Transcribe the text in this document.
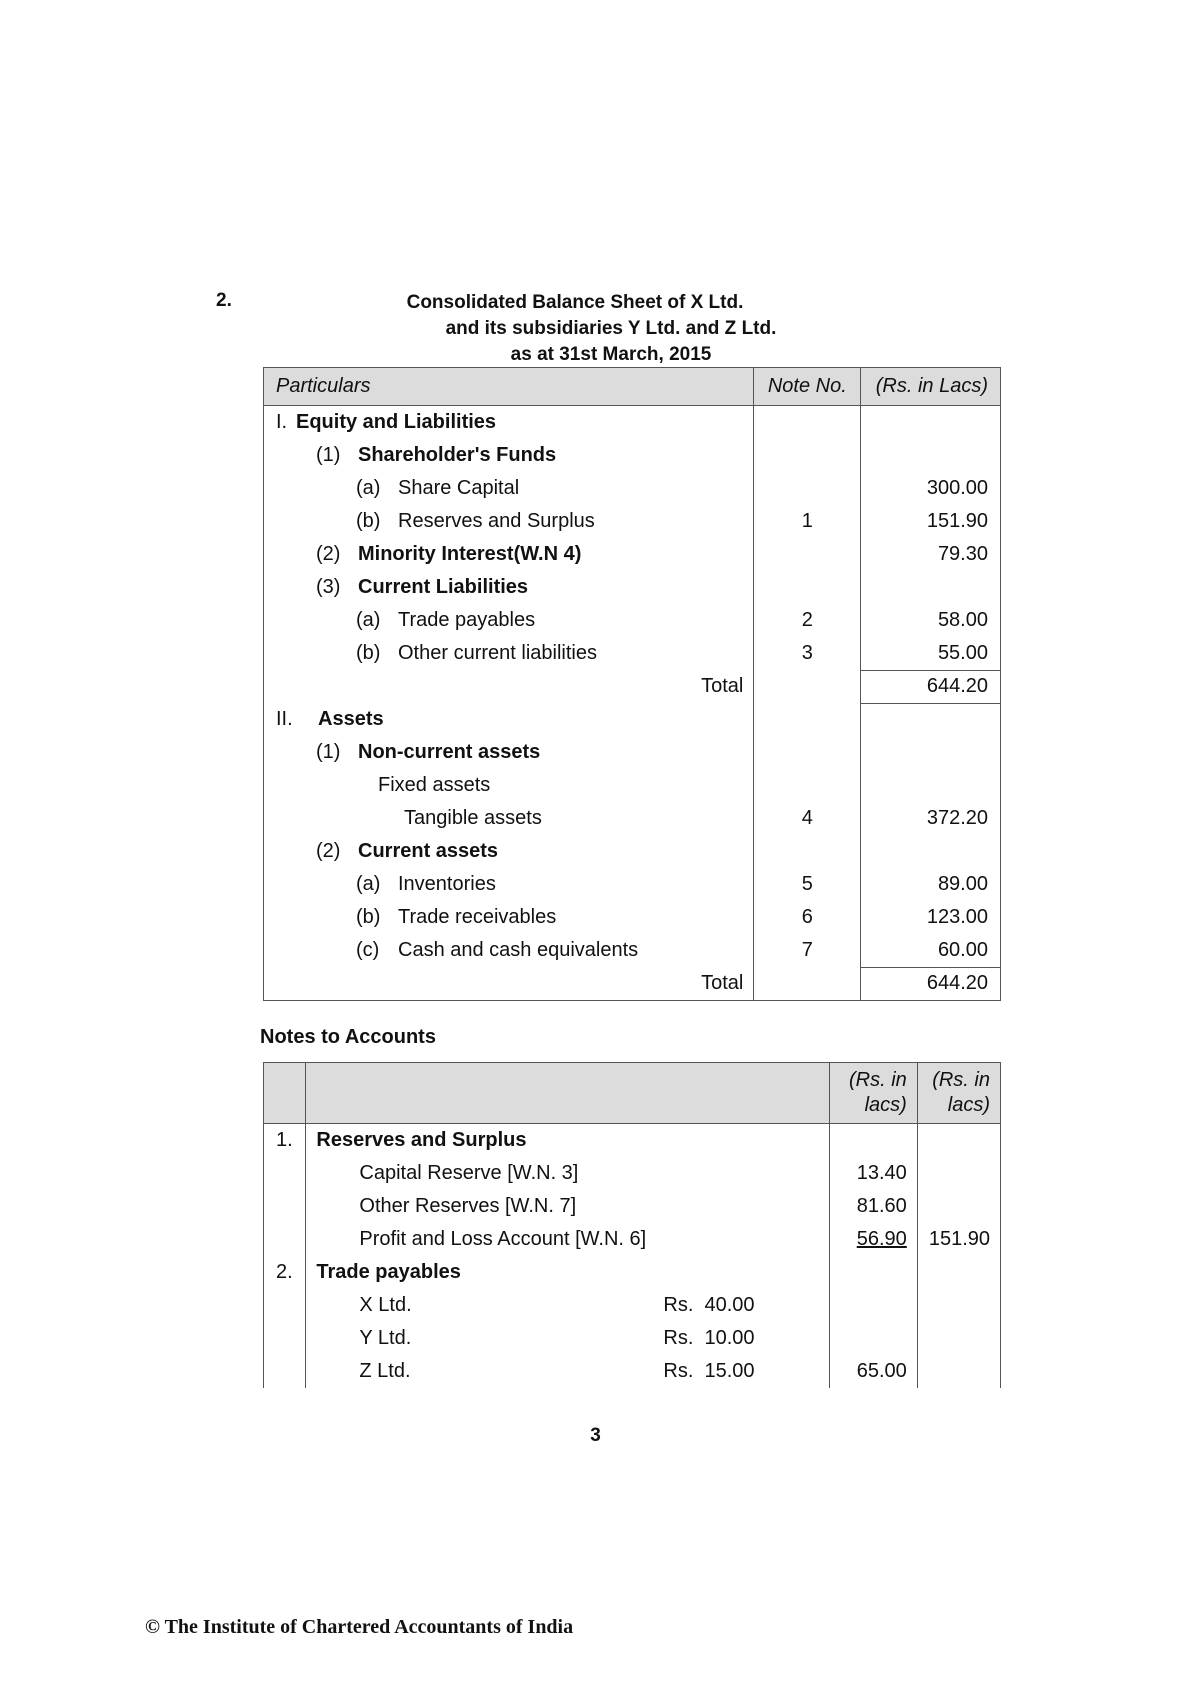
2.	Consolidated Balance Sheet of X Ltd.
and its subsidiaries Y Ltd. and Z Ltd.
as at 31st March, 2015
Particulars	Note No.	(Rs. in Lacs)

I. Equity and Liabilities		

(1) Shareholder's Funds		

(a) Share Capital		300.00

(b) Reserves and Surplus	1	151.90

(2) Minority Interest(W.N 4)		79.30

(3) Current Liabilities		

(a) Trade payables	2	58.00

(b) Other current liabilities	3	55.00
Total		644.20

II. Assets		

(1) Non-current assets		

Fixed assets		

Tangible assets	4	372.20

(2) Current assets		

(a) Inventories	5	89.00

(b) Trade receivables	6	123.00

(c) Cash and cash equivalents	7	60.00
Total		644.20
Notes to Accounts
		(Rs. in lacs)	(Rs. in lacs)
1.	Reserves and Surplus		
	Capital Reserve [W.N. 3]	13.40	
	Other Reserves [W.N. 7]	81.60	
	Profit and Loss Account [W.N. 6]	56.90	151.90
2.	Trade payables		

	X Ltd. Rs.  40.00		

	Y Ltd. Rs.  10.00		

	Z Ltd. Rs.  15.00	65.00	
3
© The Institute of Chartered Accountants of India
